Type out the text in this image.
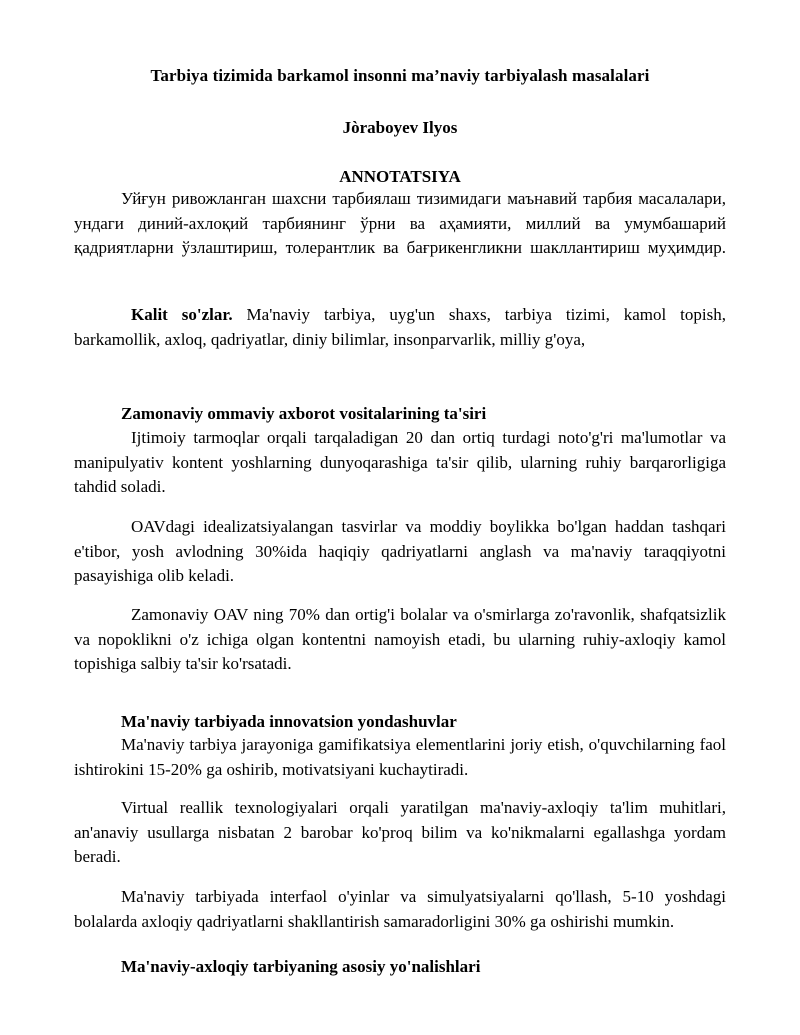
Tarbiya tizimida barkamol insonni ma’naviy tarbiyalash masalalari
Jòraboyev Ilyos
ANNOTATSIYA

Уйғун ривожланган шахсни тарбиялаш тизимидаги маънавий тарбия масалалари, ундаги диний-ахлоқий тарбиянинг ўрни ва аҳамияти, миллий ва умумбашарий қадриятларни ўзлаштириш, толерантлик ва бағрикенгликни шакллантириш муҳимдир.

Kalit so'zlar. Ma'naviy tarbiya, uyg'un shaxs, tarbiya tizimi, kamol topish, barkamollik, axloq, qadriyatlar, diniy bilimlar, insonparvarlik, milliy g'oya,

Zamonaviy ommaviy axborot vositalarining ta'siri

Ijtimoiy tarmoqlar orqali tarqaladigan 20 dan ortiq turdagi noto'g'ri ma'lumotlar va manipulyativ kontent yoshlarning dunyoqarashiga ta'sir qilib, ularning ruhiy barqarorligiga tahdid soladi.

OAVdagi idealizatsiyalangan tasvirlar va moddiy boylikka bo'lgan haddan tashqari e'tibor, yosh avlodning 30%ida haqiqiy qadriyatlarni anglash va ma'naviy taraqqiyotni pasayishiga olib keladi.

Zamonaviy OAV ning 70% dan ortig'i bolalar va o'smirlarga zo'ravonlik, shafqatsizlik va nopoklikni o'z ichiga olgan kontentni namoyish etadi, bu ularning ruhiy-axloqiy kamol topishiga salbiy ta'sir ko'rsatadi.

Ma'naviy tarbiyada innovatsion yondashuvlar

Ma'naviy tarbiya jarayoniga gamifikatsiya elementlarini joriy etish, o'quvchilarning faol ishtirokini 15-20% ga oshirib, motivatsiyani kuchaytiradi.

Virtual reallik texnologiyalari orqali yaratilgan ma'naviy-axloqiy ta'lim muhitlari, an'anaviy usullarga nisbatan 2 barobar ko'proq bilim va ko'nikmalarni egallashga yordam beradi.

Ma'naviy tarbiyada interfaol o'yinlar va simulyatsiyalarni qo'llash, 5-10 yoshdagi bolalarda axloqiy qadriyatlarni shakllantirish samaradorligini 30% ga oshirishi mumkin.

Ma'naviy-axloqiy tarbiyaning asosiy yo'nalishlari
